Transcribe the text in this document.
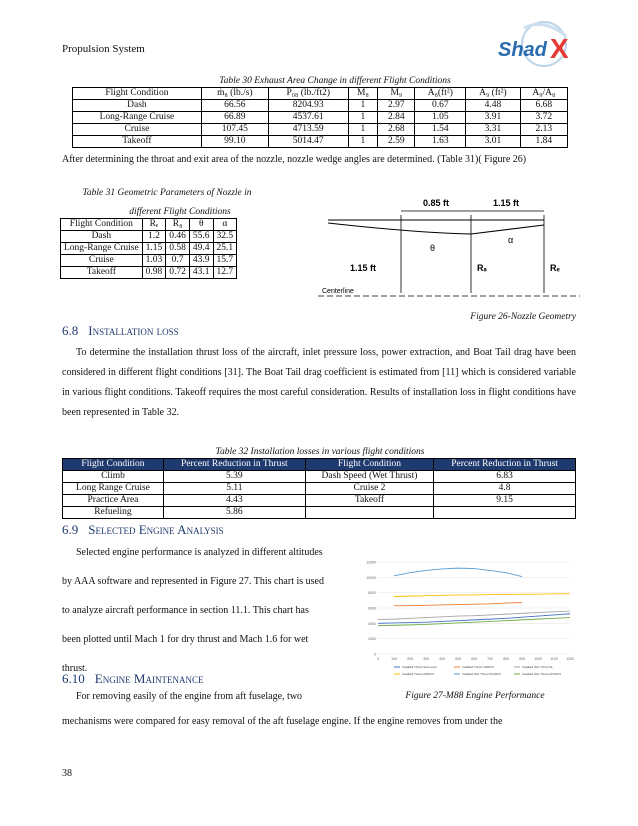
Propulsion System	Shad X
Table 30 Exhaust Area Change in different Flight Conditions
Flight Condition	ṁ₈ (lb./s)	P₀₈ (lb./ft2)	M₈	M₉	A₈(ft²)	A₉ (ft²)	A₉/A₈
Dash	66.56	8204.93	1	2.97	0.67	4.48	6.68
Long-Range Cruise	66.89	4537.61	1	2.84	1.05	3.91	3.72
Cruise	107.45	4713.59	1	2.68	1.54	3.31	2.13
Takeoff	99.10	5014.47	1	2.59	1.63	3.01	1.84
After determining the throat and exit area of the nozzle, nozzle wedge angles are determined. (Table 31)( Figure 26)
Table 31 Geometric Parameters of Nozzle in
different Flight Conditions
Flight Condition	Rₑ	R₈	θ	α
Dash	1.2	0.46	55.6	32.5
Long-Range Cruise	1.15	0.58	49.4	25.1
Cruise	1.03	0.7	43.9	15.7
Takeoff	0.98	0.72	43.1	12.7
0.85 ft	1.15 ft
θ
α
1.15 ft	Rₛ	Rₑ
Centerline
Figure 26-Nozzle Geometry
6.8 Installation loss
To determine the installation thrust loss of the aircraft, inlet pressure loss, power extraction, and Boat Tail drag have been considered in different flight conditions [31]. The Boat Tail drag coefficient is estimated from [11] which is considered variable in various flight conditions. Takeoff requires the most careful consideration. Results of installation loss in flight conditions have been represented in Table 32.
Table 32 Installation losses in various flight conditions
Flight Condition	Percent Reduction in Thrust	Flight Condition	Percent Reduction in Thrust
Climb	5.39	Dash Speed (Wet Thrust)	6.83
Long Range Cruise	5.11	Cruise 2	4.8
Practice Area	4.43	Takeoff	9.15
Refueling	5.86		
6.9 Selected Engine Analysis
Selected engine performance is analyzed in different altitudes
by AAA software and represented in Figure 27. This chart is used
to analyze aircraft performance in section 11.1. This chart has
been plotted until Mach 1 for dry thrust and Mach 1.6 for wet
thrust.
12000
10000
8000
6000
4000
2000
0
0	100	200	300	400	500	600	700	800	900	1000 1100 1200
Installed Thrust Sea Level	Installed Thrust 10000 ft	Installed Wet Thrust SL
Installed Thrust 20000 ft	Installed Wet Thrust 30,000 ft	Installed Wet Thrust 40,000 ft
Figure 27-M88 Engine Performance
6.10 Engine Maintenance
For removing easily of the engine from aft fuselage, two
mechanisms were compared for easy removal of the aft fuselage engine. If the engine removes from under the
38
